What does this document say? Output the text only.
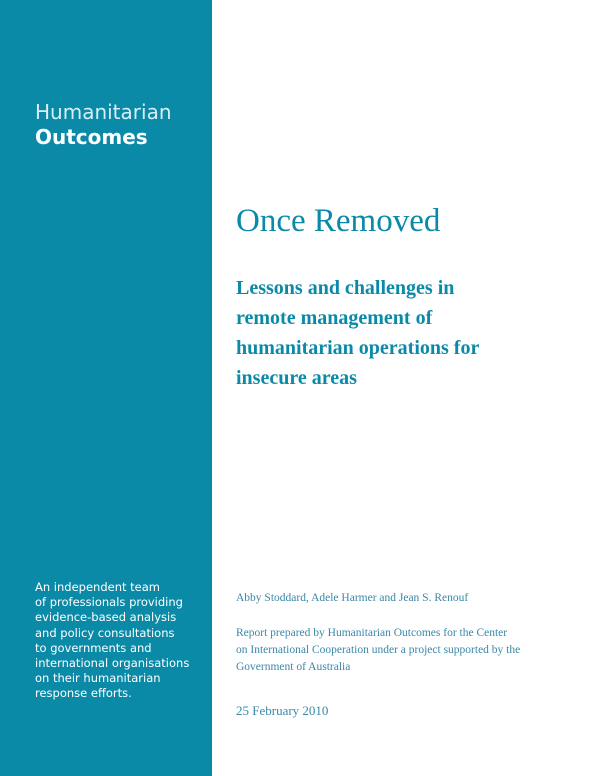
Humanitarian
Outcomes

An independent team
of professionals providing
evidence-based analysis
and policy consultations
to governments and
international organisations
on their humanitarian
response efforts.

Once Removed
Lessons and challenges in
remote management of
humanitarian operations for
insecure areas

Abby Stoddard, Adele Harmer and Jean S. Renouf

Report prepared by Humanitarian Outcomes for the Center
on International Cooperation under a project supported by the
Government of Australia

25 February 2010
